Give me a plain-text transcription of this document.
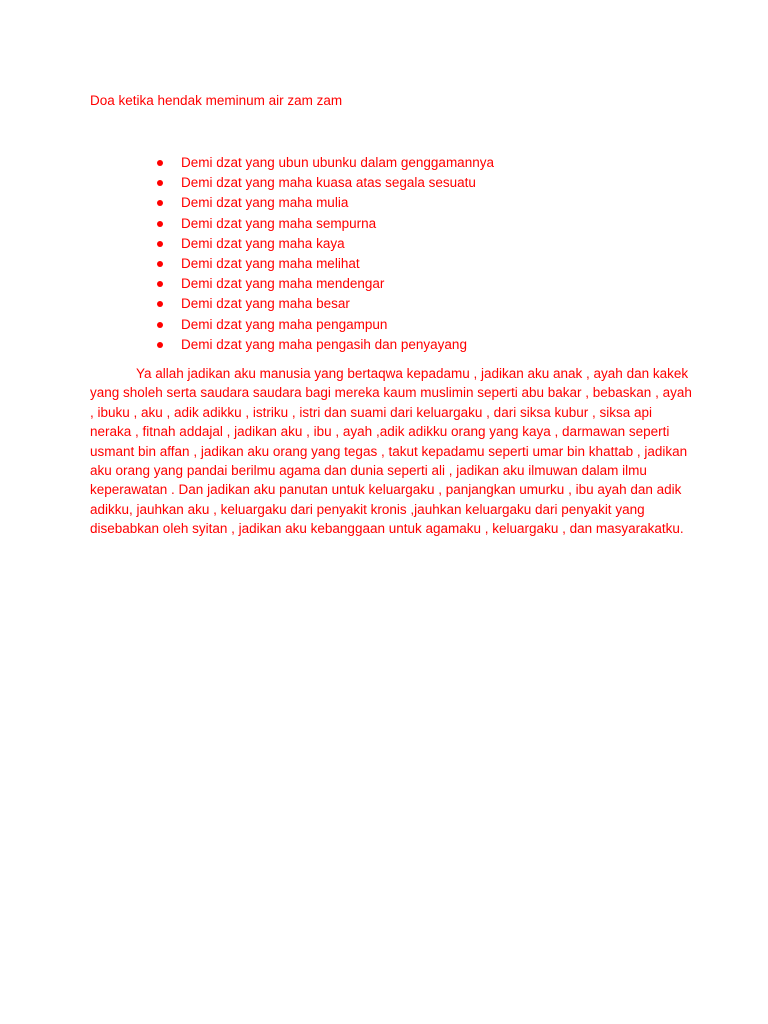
Doa ketika hendak meminum air zam zam
Demi dzat yang ubun ubunku dalam genggamannya
Demi dzat yang maha kuasa atas segala sesuatu
Demi dzat yang maha mulia
Demi dzat yang maha sempurna
Demi dzat yang maha kaya
Demi dzat yang maha melihat
Demi dzat yang maha mendengar
Demi dzat yang maha besar
Demi dzat yang maha pengampun
Demi dzat yang maha pengasih dan penyayang

Ya allah jadikan aku manusia yang bertaqwa kepadamu , jadikan aku anak , ayah dan kakek yang sholeh serta saudara saudara bagi mereka kaum muslimin seperti abu bakar , bebaskan , ayah , ibuku , aku , adik adikku , istriku , istri dan suami dari keluargaku , dari siksa kubur , siksa api neraka , fitnah addajal , jadikan aku , ibu , ayah ,adik adikku orang yang kaya , darmawan seperti usmant bin affan , jadikan aku orang yang tegas , takut kepadamu seperti umar bin khattab , jadikan aku orang yang pandai berilmu agama dan dunia seperti ali , jadikan aku ilmuwan dalam ilmu keperawatan . Dan jadikan aku panutan untuk keluargaku , panjangkan umurku , ibu ayah dan adik adikku, jauhkan aku , keluargaku dari penyakit kronis ,jauhkan keluargaku dari penyakit yang disebabkan oleh syitan , jadikan aku kebanggaan untuk agamaku , keluargaku , dan masyarakatku.
